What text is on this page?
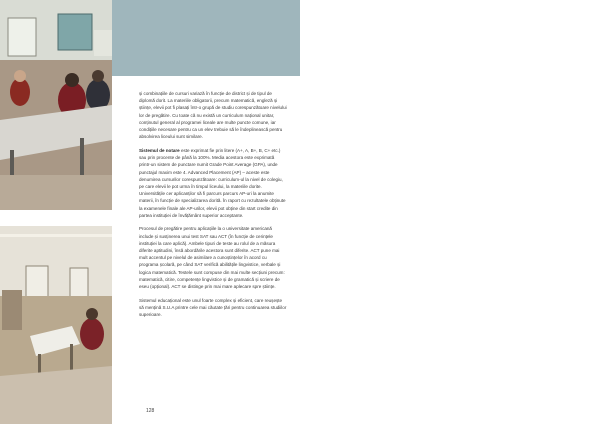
și combinațiile de cursuri variază în funcție de district și de tipul de diplomă dorit. La materiile obligatorii, precum matematică, engleză și științe, elevii pot fi plasați într-o grupă de studiu corespunzătoare nivelului lor de pregătire. Cu toate că nu există un curriculum național unitar, conținutul general al programei liceale are multe puncte comune, iar condițiile necesare pentru ca un elev trebuie să le îndeplinească pentru absolvirea liceului sunt similare.

Sistemul de notare este exprimat fie prin litere (A+, A, B+, B, C+ etc.) sau prin procente de până la 100%. Media acestora este exprimată printr-un sistem de punctare numit Grade Point Average (GPA), unde punctajul maxim este 4. Advanced Placement (AP) – aceste este denumirea cursurilor corespunzătoare: curriculum-ul la nivel de colegiu, pe care elevii le pot urma în timpul liceului, la materiile dorite. Universitățile cer aplicanților să fi parcurs parcurs AP-uri la anumite materii, în funcție de specializarea dorită. În raport cu rezultatele obținute la examenele finale ale AP-urilor, elevii pot obține din start credite din partea instituției de învățământ superior acceptante.

Procesul de pregătire pentru aplicațiile la o universitate americană include și susținerea unui test SAT sau ACT (în funcție de cerințele instituției la care aplică). Ambele tipuri de teste au rolul de a măsura diferite aptitudini, însă abordările acestora sunt diferite. ACT pune mai mult accentul pe nivelul de asimilare a cunoștințelor în acord cu programa școlară, pe când SAT verifică abilitățile lingvistice, verbale și logica matematică. Testele sunt compuse din mai multe secțiuni precum: matematică, citire, competențe lingvistice și de gramatică și scriere de eseu (opțional). ACT se distinge prin mai mare aplecare spre științe.

Sistemul educațional este unul foarte complex și eficient, care reușește să mențină S.U.A printre cele mai căutate țări pentru continuarea studiilor superioare.

128
